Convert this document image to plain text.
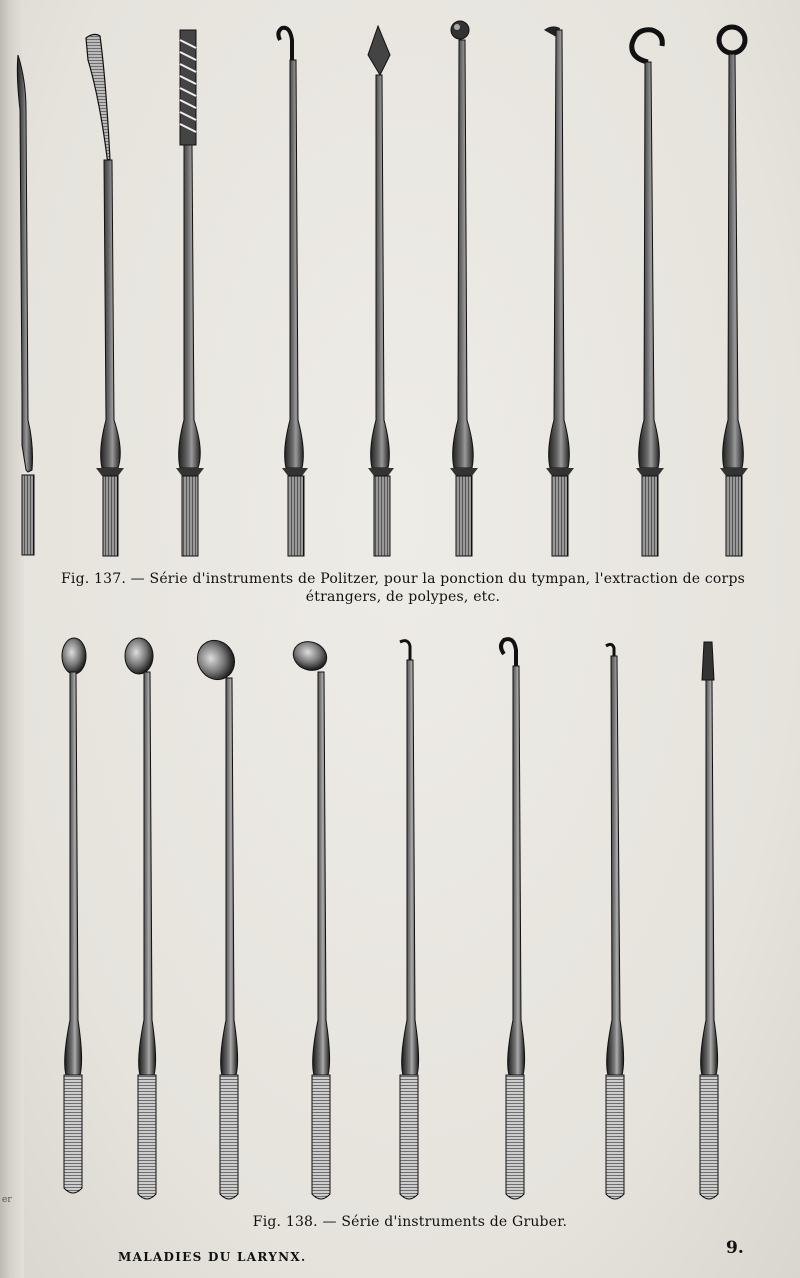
Fig. 137. — Série d'instruments de Politzer, pour la ponction du tympan, l'extraction de corps
étrangers, de polypes, etc.
Fig. 138. — Série d'instruments de Gruber.
MALADIES DU LARYNX.	9.
er
